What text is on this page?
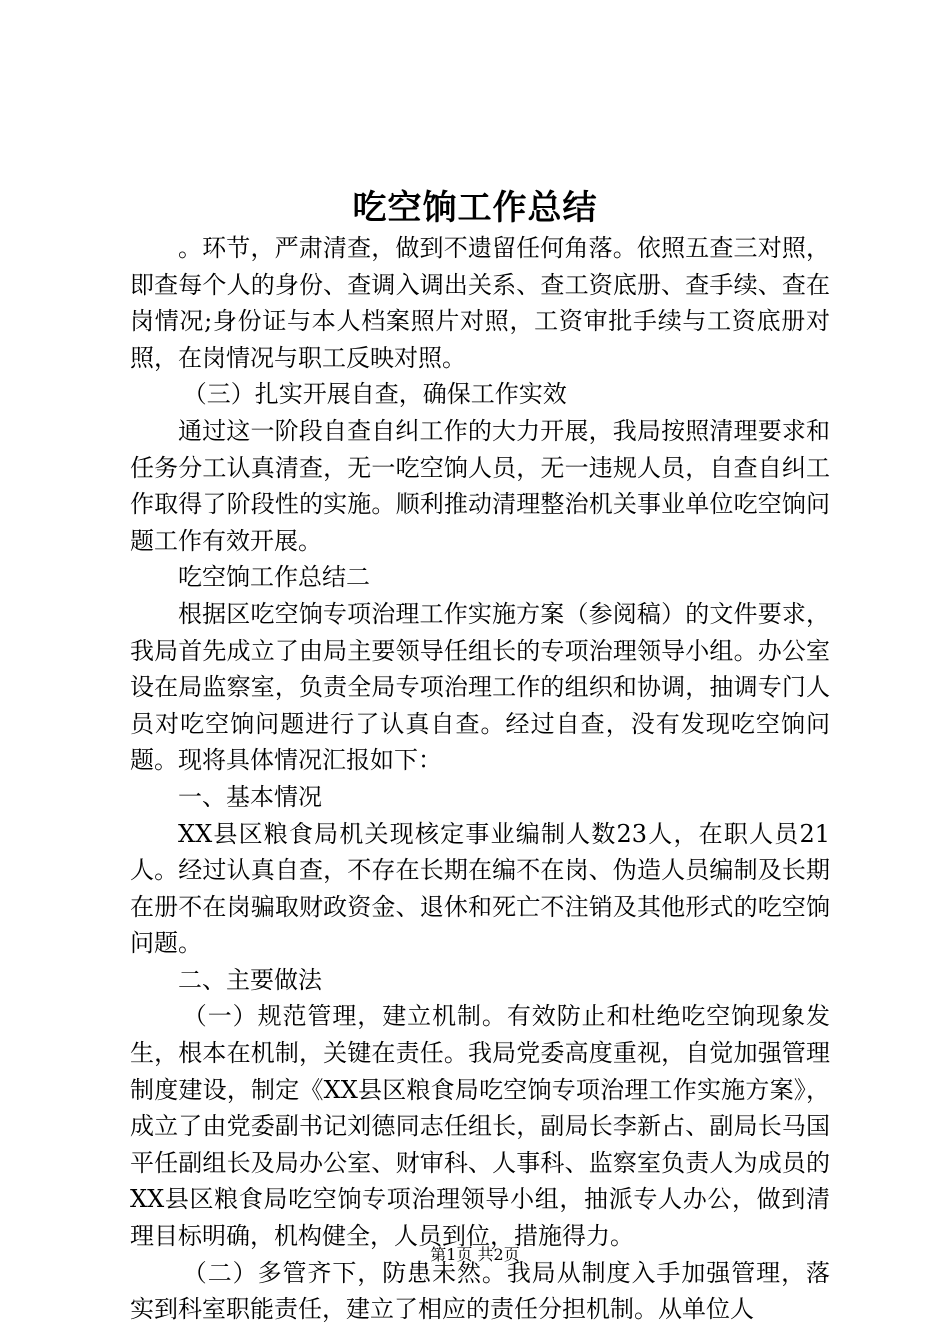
吃空饷工作总结

。环节，严肃清查，做到不遗留任何角落。依照五查三对照，即查每个人的身份、查调入调出关系、查工资底册、查手续、查在岗情况;身份证与本人档案照片对照，工资审批手续与工资底册对照，在岗情况与职工反映对照。

（三）扎实开展自查，确保工作实效

通过这一阶段自查自纠工作的大力开展，我局按照清理要求和任务分工认真清查，无一吃空饷人员，无一违规人员，自查自纠工作取得了阶段性的实施。顺利推动清理整治机关事业单位吃空饷问题工作有效开展。

吃空饷工作总结二

根据区吃空饷专项治理工作实施方案（参阅稿）的文件要求，我局首先成立了由局主要领导任组长的专项治理领导小组。办公室设在局监察室，负责全局专项治理工作的组织和协调，抽调专门人员对吃空饷问题进行了认真自查。经过自查，没有发现吃空饷问题。现将具体情况汇报如下：

一、基本情况

XX县区粮食局机关现核定事业编制人数23人，在职人员21人。经过认真自查，不存在长期在编不在岗、伪造人员编制及长期在册不在岗骗取财政资金、退休和死亡不注销及其他形式的吃空饷问题。

二、主要做法

（一）规范管理，建立机制。有效防止和杜绝吃空饷现象发生，根本在机制，关键在责任。我局党委高度重视，自觉加强管理制度建设，制定《XX县区粮食局吃空饷专项治理工作实施方案》，成立了由党委副书记刘德同志任组长，副局长李新占、副局长马国平任副组长及局办公室、财审科、人事科、监察室负责人为成员的XX县区粮食局吃空饷专项治理领导小组，抽派专人办公，做到清理目标明确，机构健全，人员到位，措施得力。

（二）多管齐下，防患未然。我局从制度入手加强管理，落实到科室职能责任，建立了相应的责任分担机制。从单位人

第1页 共2页
